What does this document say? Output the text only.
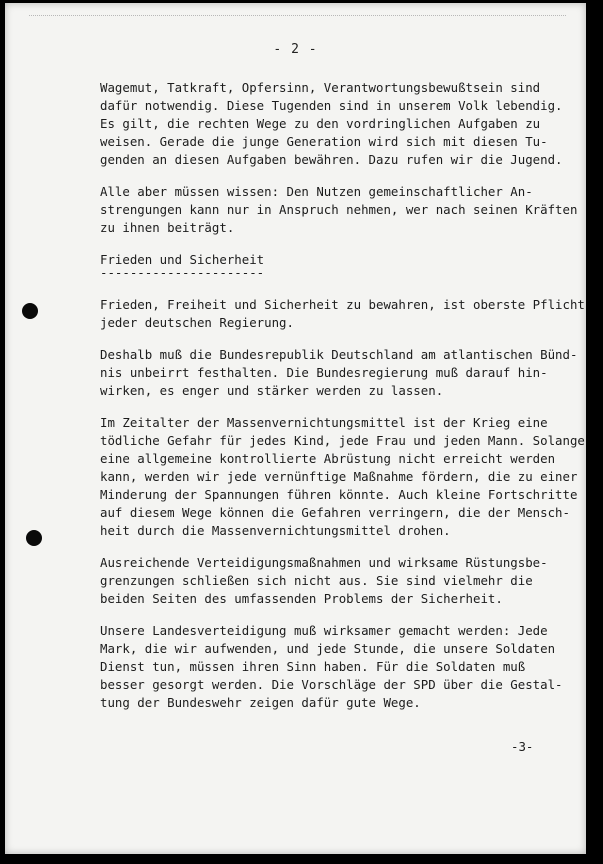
- 2 -

Wagemut, Tatkraft, Opfersinn, Verantwortungsbewußtsein sind
dafür notwendig. Diese Tugenden sind in unserem Volk lebendig.
Es gilt, die rechten Wege zu den vordringlichen Aufgaben zu
weisen. Gerade die junge Generation wird sich mit diesen Tu-
genden an diesen Aufgaben bewähren. Dazu rufen wir die Jugend.

Alle aber müssen wissen: Den Nutzen gemeinschaftlicher An-
strengungen kann nur in Anspruch nehmen, wer nach seinen Kräften
zu ihnen beiträgt.

Frieden und Sicherheit
----------------------

Frieden, Freiheit und Sicherheit zu bewahren, ist oberste Pflicht
jeder deutschen Regierung.

Deshalb muß die Bundesrepublik Deutschland am atlantischen Bünd-
nis unbeirrt festhalten. Die Bundesregierung muß darauf hin-
wirken, es enger und stärker werden zu lassen.

Im Zeitalter der Massenvernichtungsmittel ist der Krieg eine
tödliche Gefahr für jedes Kind, jede Frau und jeden Mann. Solange
eine allgemeine kontrollierte Abrüstung nicht erreicht werden
kann, werden wir jede vernünftige Maßnahme fördern, die zu einer
Minderung der Spannungen führen könnte. Auch kleine Fortschritte
auf diesem Wege können die Gefahren verringern, die der Mensch-
heit durch die Massenvernichtungsmittel drohen.

Ausreichende Verteidigungsmaßnahmen und wirksame Rüstungsbe-
grenzungen schließen sich nicht aus. Sie sind vielmehr die
beiden Seiten des umfassenden Problems der Sicherheit.

Unsere Landesverteidigung muß wirksamer gemacht werden: Jede
Mark, die wir aufwenden, und jede Stunde, die unsere Soldaten
Dienst tun, müssen ihren Sinn haben. Für die Soldaten muß
besser gesorgt werden. Die Vorschläge der SPD über die Gestal-
tung der Bundeswehr zeigen dafür gute Wege.

-3-
